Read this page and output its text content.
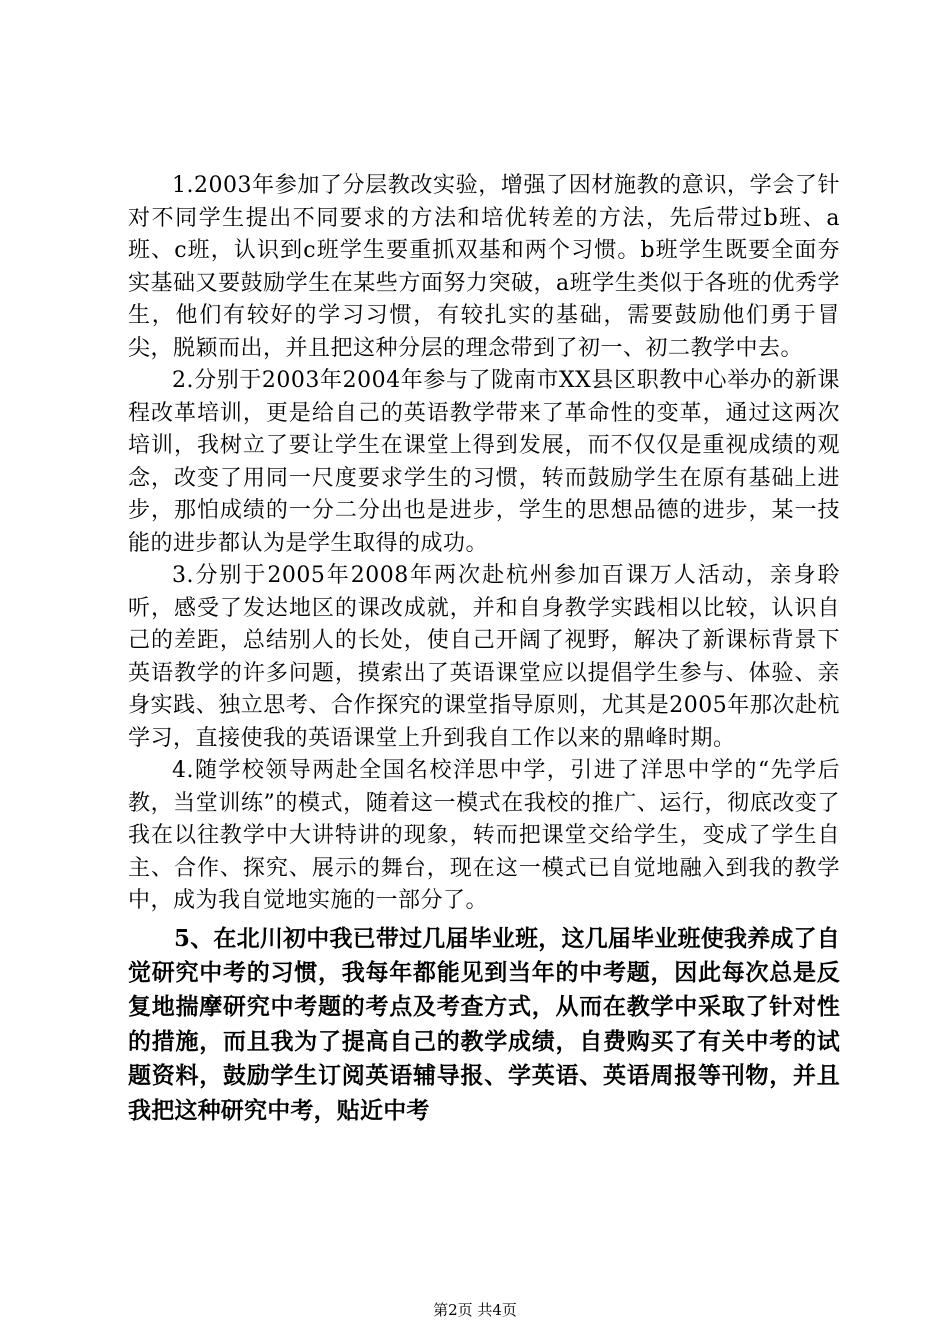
1.2003年参加了分层教改实验，增强了因材施教的意识，学会了针对不同学生提出不同要求的方法和培优转差的方法，先后带过b班、a班、c班，认识到c班学生要重抓双基和两个习惯。b班学生既要全面夯实基础又要鼓励学生在某些方面努力突破，a班学生类似于各班的优秀学生，他们有较好的学习习惯，有较扎实的基础，需要鼓励他们勇于冒尖，脱颖而出，并且把这种分层的理念带到了初一、初二教学中去。

2.分别于2003年2004年参与了陇南市XX县区职教中心举办的新课程改革培训，更是给自己的英语教学带来了革命性的变革，通过这两次培训，我树立了要让学生在课堂上得到发展，而不仅仅是重视成绩的观念，改变了用同一尺度要求学生的习惯，转而鼓励学生在原有基础上进步，那怕成绩的一分二分出也是进步，学生的思想品德的进步，某一技能的进步都认为是学生取得的成功。

3.分别于2005年2008年两次赴杭州参加百课万人活动，亲身聆听，感受了发达地区的课改成就，并和自身教学实践相以比较，认识自己的差距，总结别人的长处，使自己开阔了视野，解决了新课标背景下英语教学的许多问题，摸索出了英语课堂应以提倡学生参与、体验、亲身实践、独立思考、合作探究的课堂指导原则，尤其是2005年那次赴杭学习，直接使我的英语课堂上升到我自工作以来的鼎峰时期。

4.随学校领导两赴全国名校洋思中学，引进了洋思中学的“先学后教，当堂训练”的模式，随着这一模式在我校的推广、运行，彻底改变了我在以往教学中大讲特讲的现象，转而把课堂交给学生，变成了学生自主、合作、探究、展示的舞台，现在这一模式已自觉地融入到我的教学中，成为我自觉地实施的一部分了。

5、在北川初中我已带过几届毕业班，这几届毕业班使我养成了自觉研究中考的习惯，我每年都能见到当年的中考题，因此每次总是反复地揣摩研究中考题的考点及考查方式，从而在教学中采取了针对性的措施，而且我为了提高自己的教学成绩，自费购买了有关中考的试题资料，鼓励学生订阅英语辅导报、学英语、英语周报等刊物，并且我把这种研究中考，贴近中考

第2页 共4页
